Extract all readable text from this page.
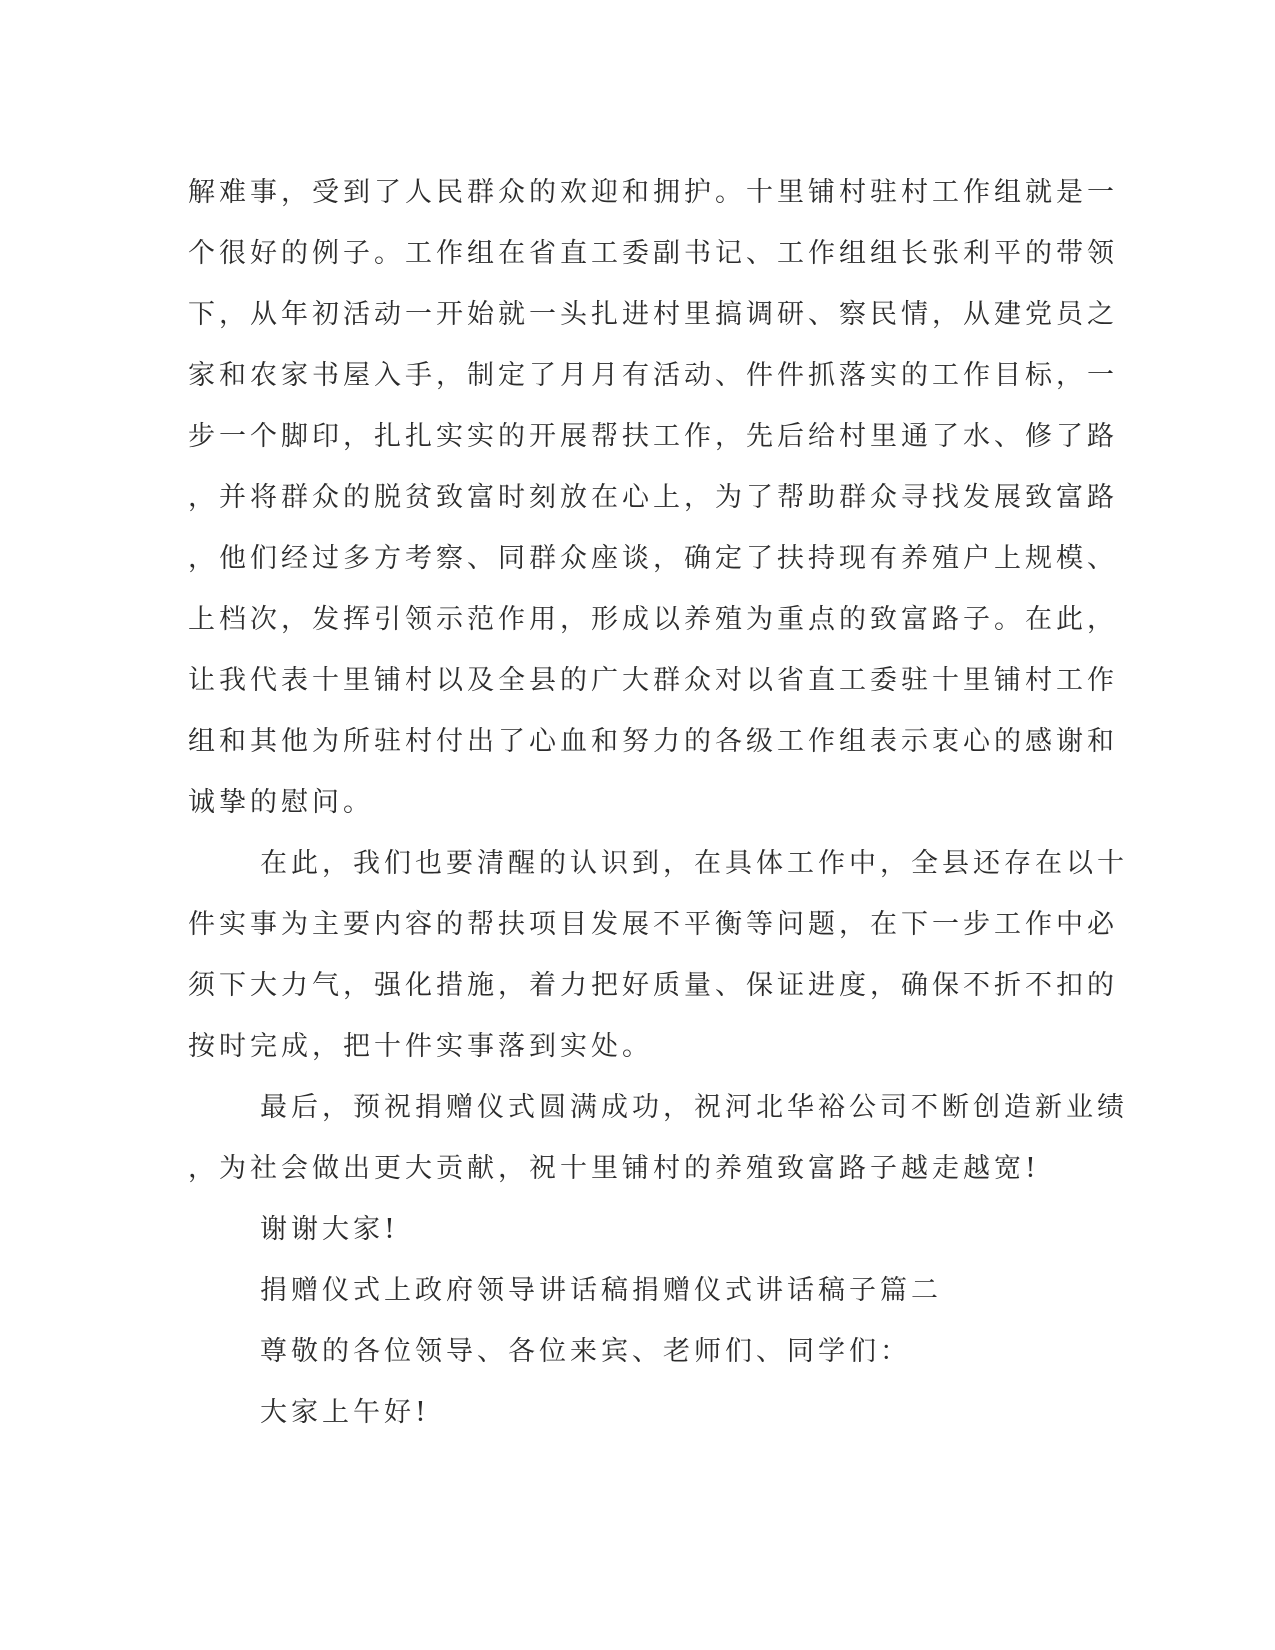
解难事，受到了人民群众的欢迎和拥护。十里铺村驻村工作组就是一
个很好的例子。工作组在省直工委副书记、工作组组长张利平的带领
下，从年初活动一开始就一头扎进村里搞调研、察民情，从建党员之
家和农家书屋入手，制定了月月有活动、件件抓落实的工作目标，一
步一个脚印，扎扎实实的开展帮扶工作，先后给村里通了水、修了路
，并将群众的脱贫致富时刻放在心上，为了帮助群众寻找发展致富路
，他们经过多方考察、同群众座谈，确定了扶持现有养殖户上规模、
上档次，发挥引领示范作用，形成以养殖为重点的致富路子。在此，
让我代表十里铺村以及全县的广大群众对以省直工委驻十里铺村工作
组和其他为所驻村付出了心血和努力的各级工作组表示衷心的感谢和
诚挚的慰问。
在此，我们也要清醒的认识到，在具体工作中，全县还存在以十
件实事为主要内容的帮扶项目发展不平衡等问题，在下一步工作中必
须下大力气，强化措施，着力把好质量、保证进度，确保不折不扣的
按时完成，把十件实事落到实处。
最后，预祝捐赠仪式圆满成功，祝河北华裕公司不断创造新业绩
，为社会做出更大贡献，祝十里铺村的养殖致富路子越走越宽!
谢谢大家!
捐赠仪式上政府领导讲话稿捐赠仪式讲话稿子篇二
尊敬的各位领导、各位来宾、老师们、同学们：
大家上午好!
